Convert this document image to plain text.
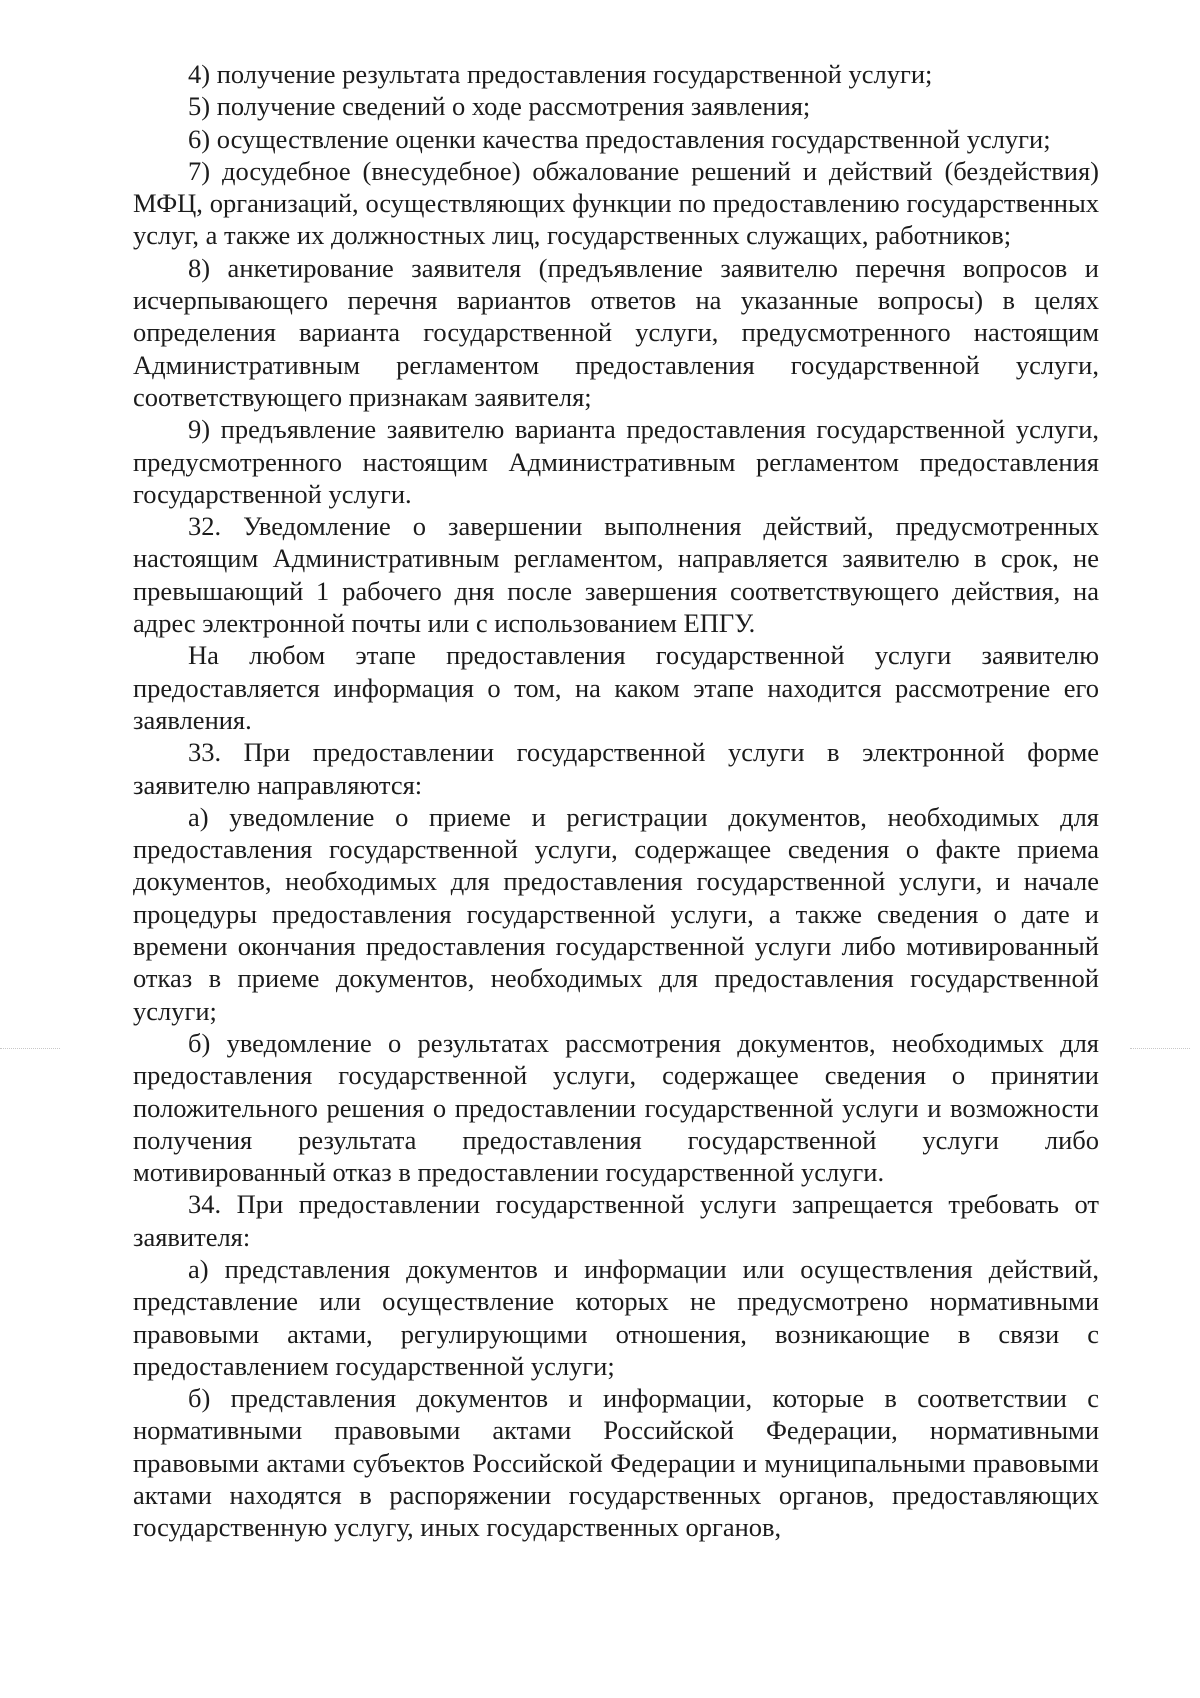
4) получение результата предоставления государственной услуги;

5) получение сведений о ходе рассмотрения заявления;

6) осуществление оценки качества предоставления государственной услуги;

7) досудебное (внесудебное) обжалование решений и действий (бездействия) МФЦ, организаций, осуществляющих функции по предоставлению государственных услуг, а также их должностных лиц, государственных служащих, работников;

8) анкетирование заявителя (предъявление заявителю перечня вопросов и исчерпывающего перечня вариантов ответов на указанные вопросы) в целях определения варианта государственной услуги, предусмотренного настоящим Административным регламентом предоставления государственной услуги, соответствующего признакам заявителя;

9) предъявление заявителю варианта предоставления государственной услуги, предусмотренного настоящим Административным регламентом предоставления государственной услуги.

32. Уведомление о завершении выполнения действий, предусмотренных настоящим Административным регламентом, направляется заявителю в срок, не превышающий 1 рабочего дня после завершения соответствующего действия, на адрес электронной почты или с использованием ЕПГУ.

На любом этапе предоставления государственной услуги заявителю предоставляется информация о том, на каком этапе находится рассмотрение его заявления.

33. При предоставлении государственной услуги в электронной форме заявителю направляются:

а) уведомление о приеме и регистрации документов, необходимых для предоставления государственной услуги, содержащее сведения о факте приема документов, необходимых для предоставления государственной услуги, и начале процедуры предоставления государственной услуги, а также сведения о дате и времени окончания предоставления государственной услуги либо мотивированный отказ в приеме документов, необходимых для предоставления государственной услуги;

б) уведомление о результатах рассмотрения документов, необходимых для предоставления государственной услуги, содержащее сведения о принятии положительного решения о предоставлении государственной услуги и возможности получения результата предоставления государственной услуги либо мотивированный отказ в предоставлении государственной услуги.

34. При предоставлении государственной услуги запрещается требовать от заявителя:

а) представления документов и информации или осуществления действий, представление или осуществление которых не предусмотрено нормативными правовыми актами, регулирующими отношения, возникающие в связи с предоставлением государственной услуги;

б) представления документов и информации, которые в соответствии с нормативными правовыми актами Российской Федерации, нормативными правовыми актами субъектов Российской Федерации и муниципальными правовыми актами находятся в распоряжении государственных органов, предоставляющих государственную услугу, иных государственных органов,
